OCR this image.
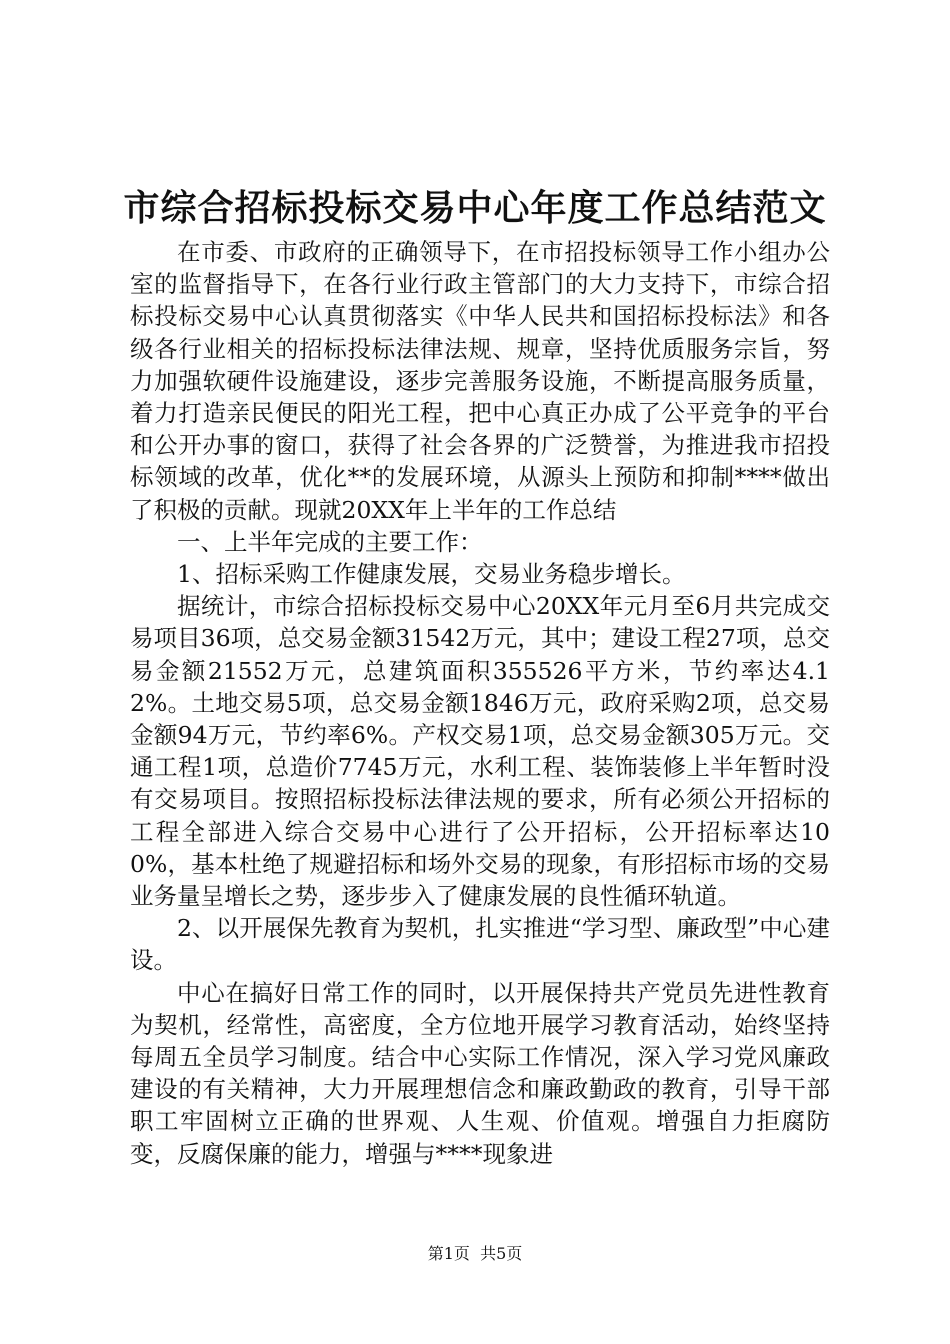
市综合招标投标交易中心年度工作总结范文

在市委、市政府的正确领导下，在市招投标领导工作小组办公室的监督指导下，在各行业行政主管部门的大力支持下，市综合招标投标交易中心认真贯彻落实《中华人民共和国招标投标法》和各级各行业相关的招标投标法律法规、规章，坚持优质服务宗旨，努力加强软硬件设施建设，逐步完善服务设施，不断提高服务质量，着力打造亲民便民的阳光工程，把中心真正办成了公平竞争的平台和公开办事的窗口，获得了社会各界的广泛赞誉，为推进我市招投标领域的改革，优化**的发展环境，从源头上预防和抑制****做出了积极的贡献。现就20XX年上半年的工作总结

一、上半年完成的主要工作：

1、招标采购工作健康发展，交易业务稳步增长。

据统计，市综合招标投标交易中心20XX年元月至6月共完成交易项目36项，总交易金额31542万元，其中；建设工程27项，总交易金额21552万元，总建筑面积355526平方米，节约率达4.12%。土地交易5项，总交易金额1846万元，政府采购2项，总交易金额94万元，节约率6%。产权交易1项，总交易金额305万元。交通工程1项，总造价7745万元，水利工程、装饰装修上半年暂时没有交易项目。按照招标投标法律法规的要求，所有必须公开招标的工程全部进入综合交易中心进行了公开招标，公开招标率达100%，基本杜绝了规避招标和场外交易的现象，有形招标市场的交易业务量呈增长之势，逐步步入了健康发展的良性循环轨道。

2、以开展保先教育为契机，扎实推进“学习型、廉政型”中心建设。

中心在搞好日常工作的同时，以开展保持共产党员先进性教育为契机，经常性，高密度，全方位地开展学习教育活动，始终坚持每周五全员学习制度。结合中心实际工作情况，深入学习党风廉政建设的有关精神，大力开展理想信念和廉政勤政的教育，引导干部职工牢固树立正确的世界观、人生观、价值观。增强自力拒腐防变，反腐保廉的能力，增强与****现象进

第1页  共5页
